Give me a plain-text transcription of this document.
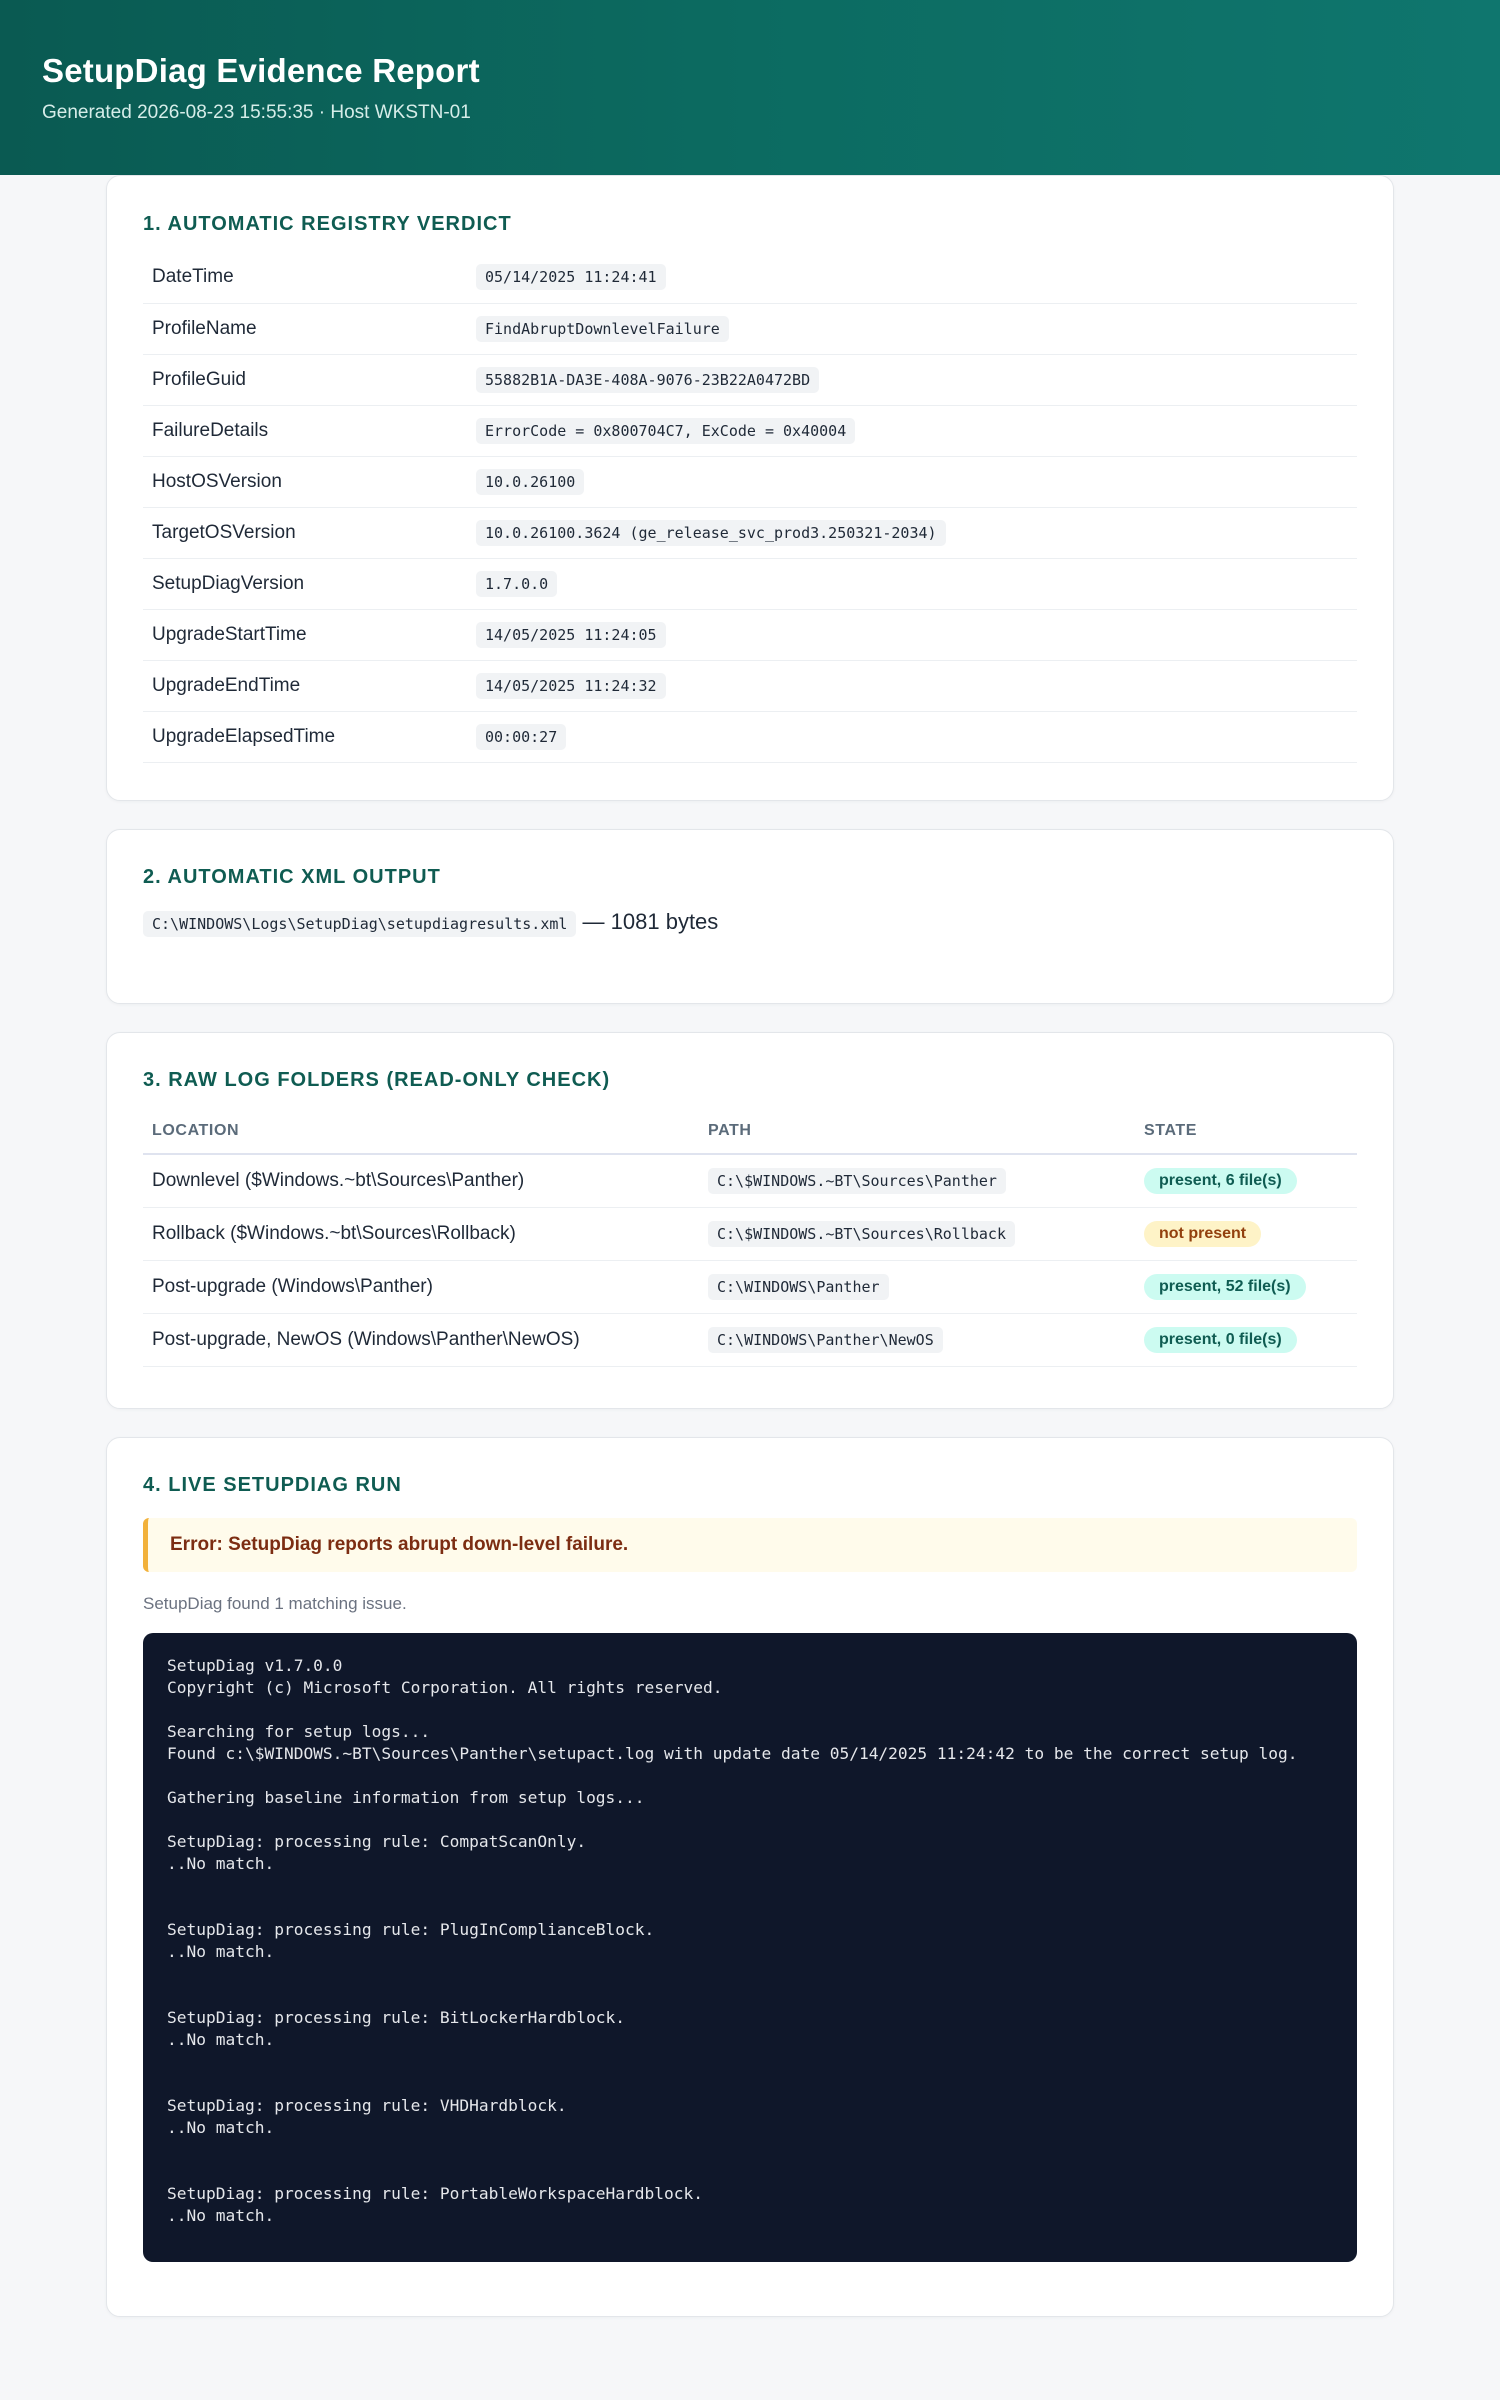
SetupDiag Evidence Report
Generated 2026-08-23 15:55:35 · Host WKSTN-01
1. AUTOMATIC REGISTRY VERDICT
DateTime	05/14/2025 11:24:41
ProfileName	FindAbruptDownlevelFailure
ProfileGuid	55882B1A-DA3E-408A-9076-23B22A0472BD
FailureDetails	ErrorCode = 0x800704C7, ExCode = 0x40004
HostOSVersion	10.0.26100
TargetOSVersion	10.0.26100.3624 (ge_release_svc_prod3.250321-2034)
SetupDiagVersion	1.7.0.0
UpgradeStartTime	14/05/2025 11:24:05
UpgradeEndTime	14/05/2025 11:24:32
UpgradeElapsedTime	00:00:27
2. AUTOMATIC XML OUTPUT
C:\WINDOWS\Logs\SetupDiag\setupdiagresults.xml — 1081 bytes
3. RAW LOG FOLDERS (READ-ONLY CHECK)
LOCATION	PATH	STATE
Downlevel ($Windows.~bt\Sources\Panther)	C:\$WINDOWS.~BT\Sources\Panther	present, 6 file(s)
Rollback ($Windows.~bt\Sources\Rollback)	C:\$WINDOWS.~BT\Sources\Rollback	not present
Post-upgrade (Windows\Panther)	C:\WINDOWS\Panther	present, 52 file(s)
Post-upgrade, NewOS (Windows\Panther\NewOS)	C:\WINDOWS\Panther\NewOS	present, 0 file(s)
4. LIVE SETUPDIAG RUN
Error: SetupDiag reports abrupt down-level failure.
SetupDiag found 1 matching issue.
SetupDiag v1.7.0.0
Copyright (c) Microsoft Corporation. All rights reserved.

Searching for setup logs...
Found c:\$WINDOWS.~BT\Sources\Panther\setupact.log with update date 05/14/2025 11:24:42 to be the correct setup log.

Gathering baseline information from setup logs...

SetupDiag: processing rule: CompatScanOnly.
..No match.

SetupDiag: processing rule: PlugInComplianceBlock.
..No match.

SetupDiag: processing rule: BitLockerHardblock.
..No match.

SetupDiag: processing rule: VHDHardblock.
..No match.

SetupDiag: processing rule: PortableWorkspaceHardblock.
..No match.
